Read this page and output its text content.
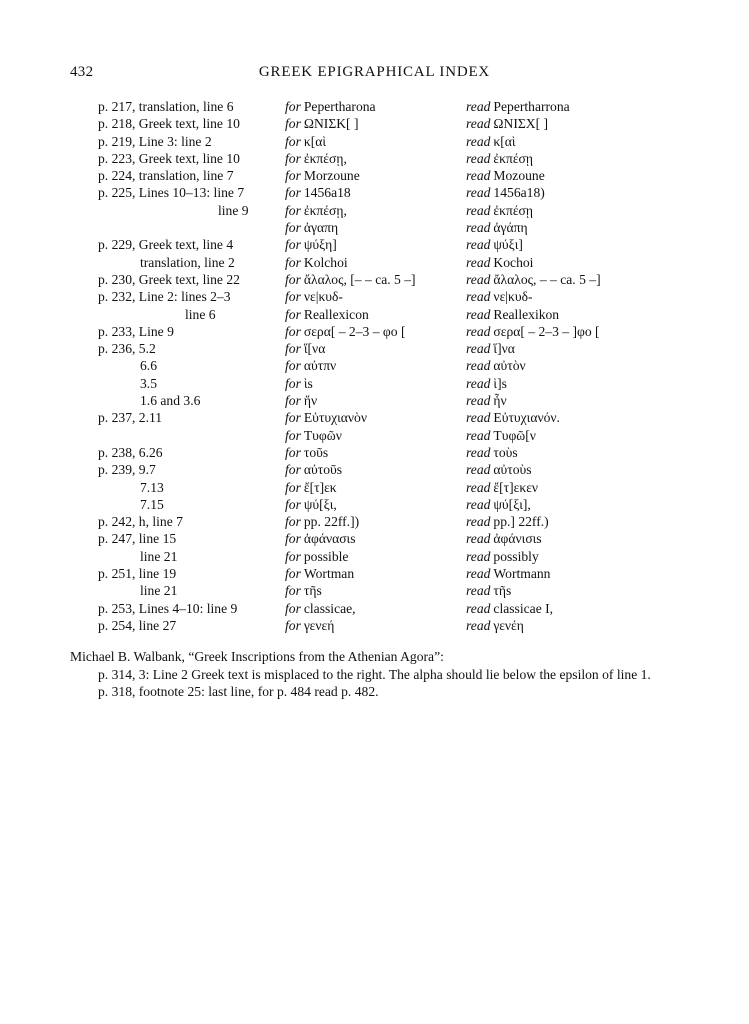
432	GREEK EPIGRAPHICAL INDEX
p. 217, translation, line 6	for Pepertharona	read Pepertharrona
p. 218, Greek text, line 10	for ΩΝΙΣΚ[ ]	read ΩΝΙΣΧ[ ]
p. 219, Line 3: line 2	for κ[αὶ	read κ[αὶ
p. 223, Greek text, line 10	for ἐκπέσῃ,	read ἐκπέσῃ
p. 224, translation, line 7	for Morzoune	read Mozoune
p. 225, Lines 10–13: line 7	for 1456a18	read 1456a18)
line 9	for ἐκπέσῃ,	read ἐκπέσῃ
for ἀγαπη	read ἀγάπη
p. 229, Greek text, line 4	for ψύξη]	read ψύξι]
translation, line 2	for Kolchoi	read Kochoi
p. 230, Greek text, line 22	for ἄλαλος, [– – ca. 5 –]	read ἄλαλος, – – ca. 5 –]
p. 232, Line 2: lines 2–3	for νε|κυδ-	read νε|κυδ-
line 6	for Reallexicon	read Reallexikon
p. 233, Line 9	for σερα[ – 2–3 – φο [	read σερα[ – 2–3 – ]φο [
p. 236, 5.2	for ἵ[να	read ἵ]να
6.6	for αὐτπν	read αὐτὸν
3.5	for ὶs	read ὶ]s
1.6 and 3.6	for ἥν	read ἦν
p. 237, 2.11	for Εὐτυχιανὸν	read Εὐτυχιανόν.
for Τυφῶν	read Τυφῶ[ν
p. 238, 6.26	for τοῦs	read τοὺs
p. 239, 9.7	for αὐτοῦs	read αὐτοὺs
7.13	for ἔ[τ]εκ	read ἔ[τ]εκεν
7.15	for ψύ[ξι,	read ψύ[ξι],
p. 242, h, line 7	for pp. 22ff.])	read pp.] 22ff.)
p. 247, line 15	for ἀφάνασιs	read ἀφάνισιs
line 21	for possible	read possibly
p. 251, line 19	for Wortman	read Wortmann
line 21	for τῆs	read τῆs
p. 253, Lines 4–10: line 9	for classicae,	read classicae I,
p. 254, line 27	for γενεή	read γενέη
Michael B. Walbank, “Greek Inscriptions from the Athenian Agora”:
p. 314, 3: Line 2 Greek text is misplaced to the right. The alpha should lie below the epsilon of line 1.
p. 318, footnote 25: last line, for p. 484 read p. 482.
